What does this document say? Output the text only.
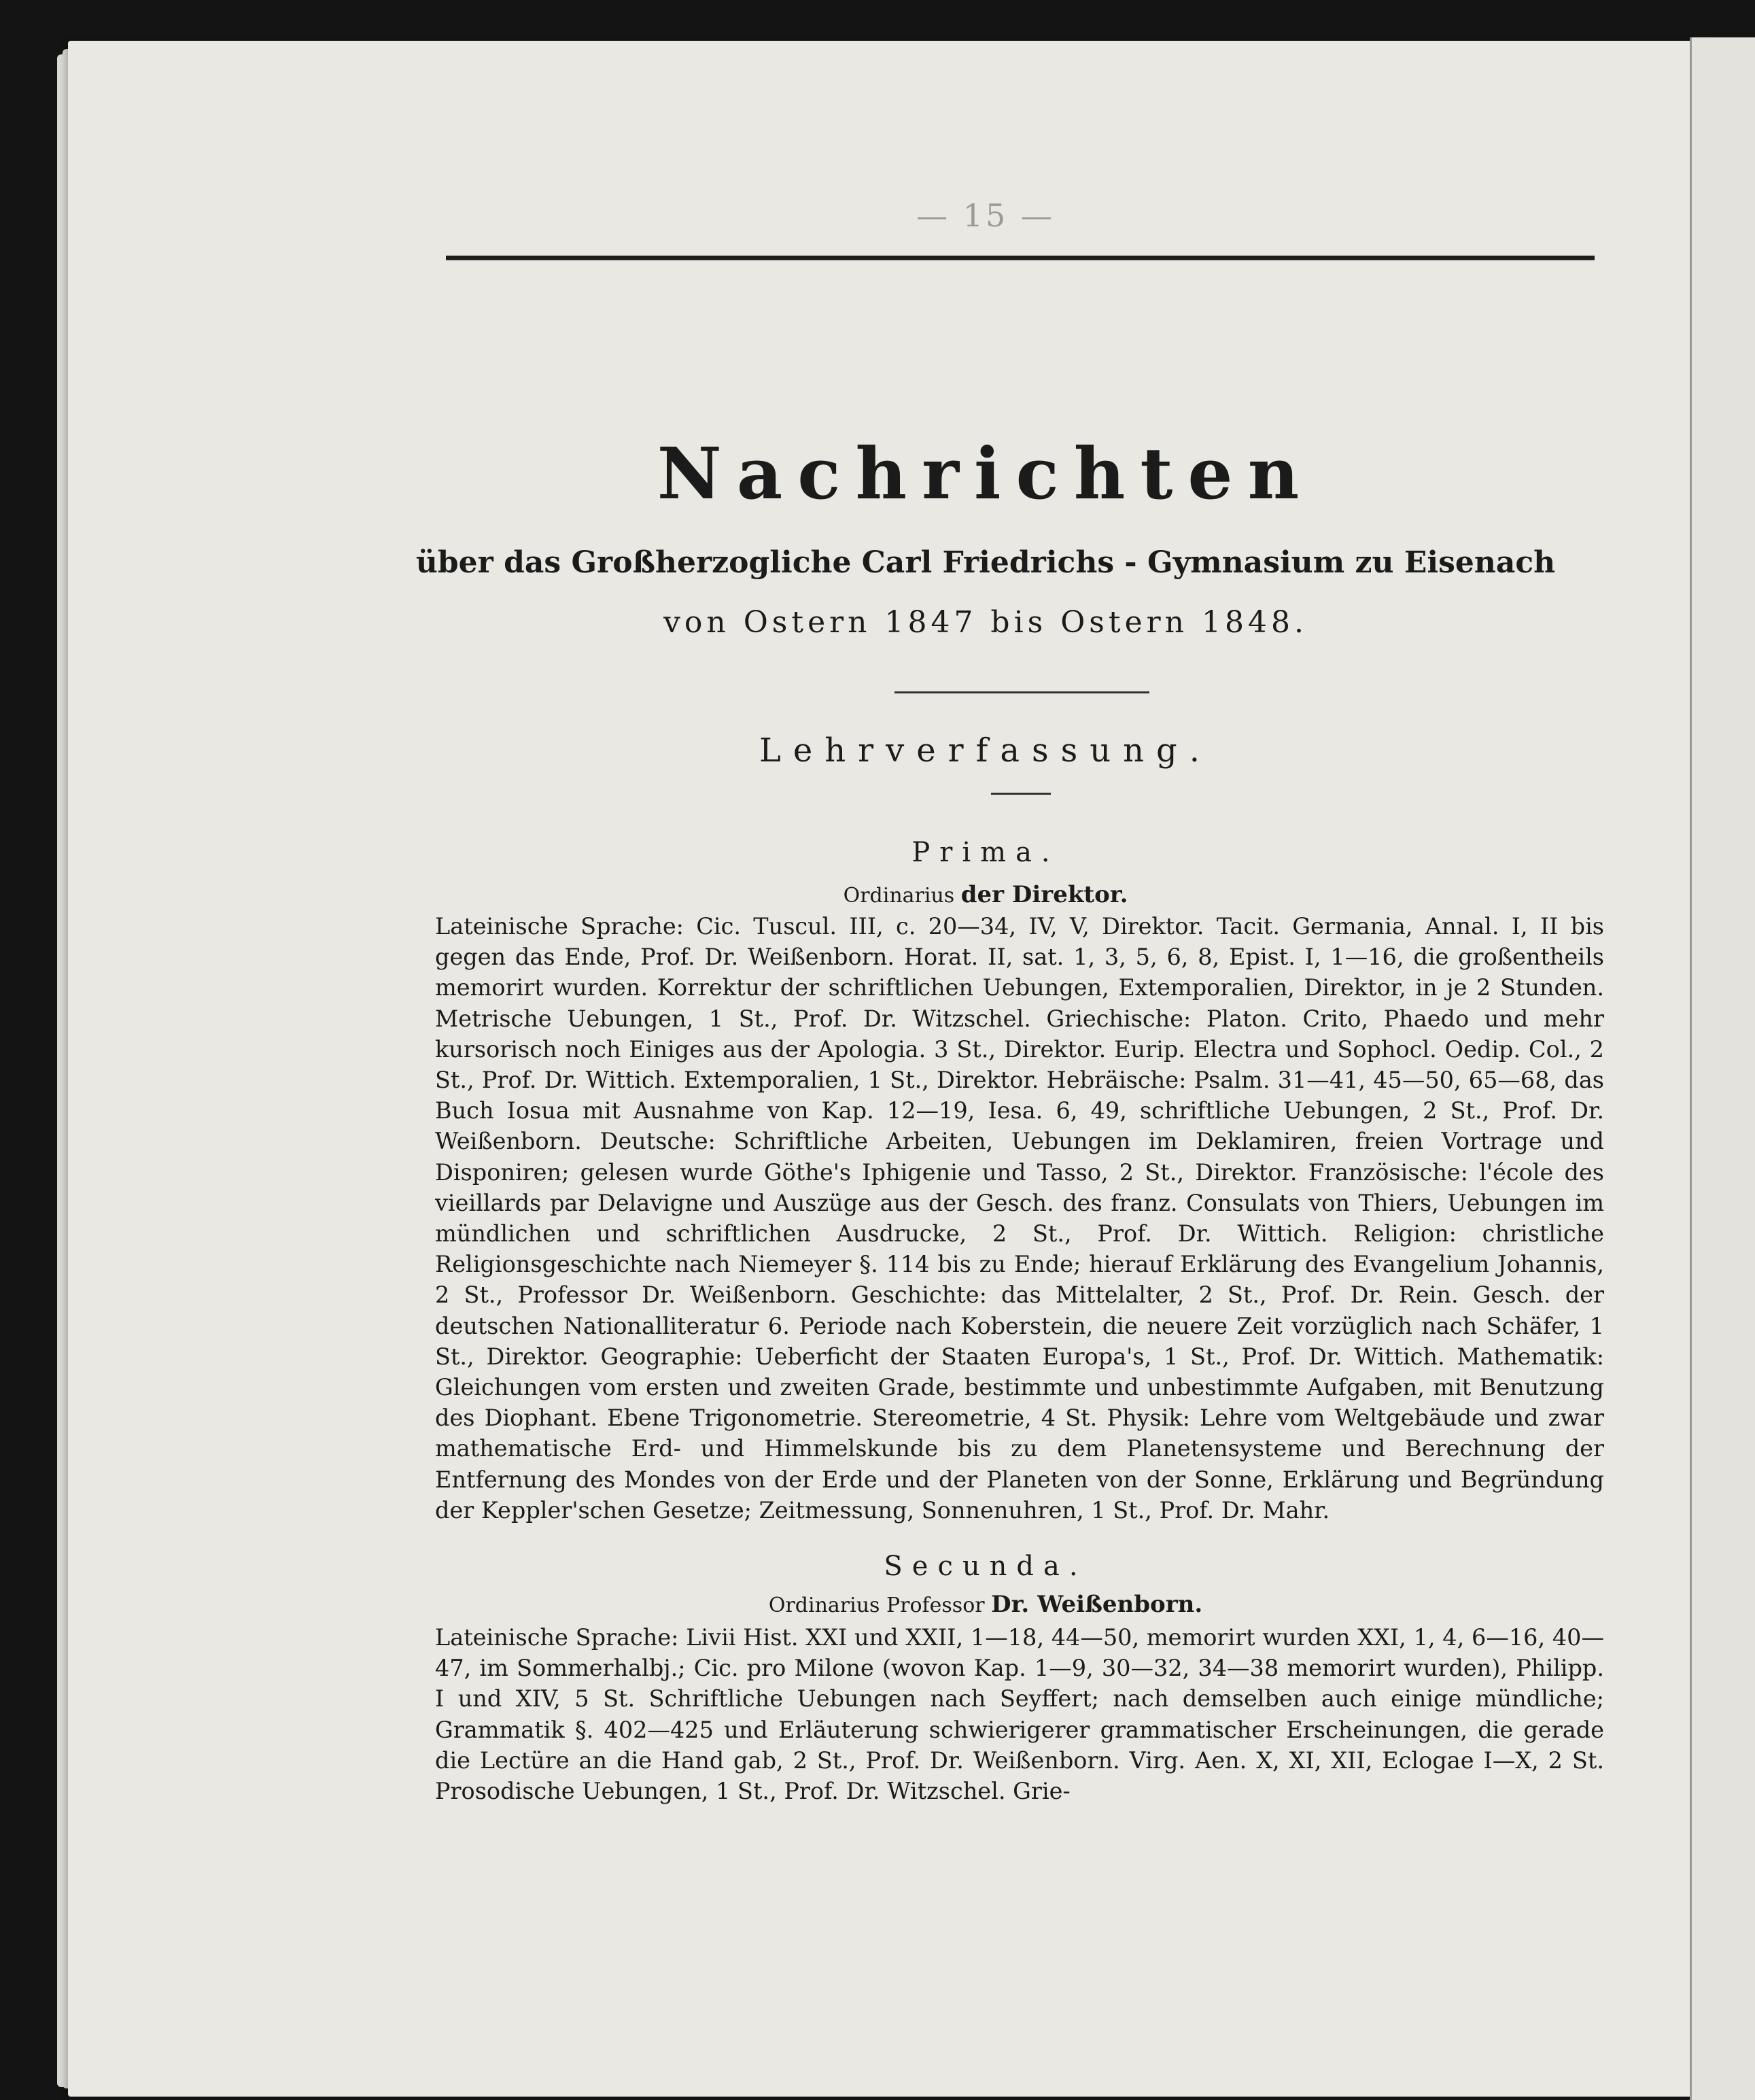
— 15 —
Nachrichten
über das Großherzogliche Carl Friedrichs - Gymnasium zu Eisenach
von Ostern 1847 bis Ostern 1848.
Lehrverfassung.
Prima.
Ordinarius der Direktor.
Lateinische Sprache: Cic. Tuscul. III, c. 20—34, IV, V, Direktor. Tacit. Germania, Annal. I, II bis gegen das Ende, Prof. Dr. Weißenborn. Horat. II, sat. 1, 3, 5, 6, 8, Epist. I, 1—16, die großentheils memorirt wurden. Korrektur der schriftlichen Uebungen, Extemporalien, Direktor, in je 2 Stunden. Metrische Uebungen, 1 St., Prof. Dr. Witzschel. Griechische: Platon. Crito, Phaedo und mehr kursorisch noch Einiges aus der Apologia. 3 St., Direktor. Eurip. Electra und Sophocl. Oedip. Col., 2 St., Prof. Dr. Wittich. Extemporalien, 1 St., Direktor. Hebräische: Psalm. 31—41, 45—50, 65—68, das Buch Iosua mit Ausnahme von Kap. 12—19, Iesa. 6, 49, schriftliche Uebungen, 2 St., Prof. Dr. Weißenborn. Deutsche: Schriftliche Arbeiten, Uebungen im Deklamiren, freien Vortrage und Disponiren; gelesen wurde Göthe's Iphigenie und Tasso, 2 St., Direktor. Französische: l'école des vieillards par Delavigne und Auszüge aus der Gesch. des franz. Consulats von Thiers, Uebungen im mündlichen und schriftlichen Ausdrucke, 2 St., Prof. Dr. Wittich. Religion: christliche Religionsgeschichte nach Niemeyer §. 114 bis zu Ende; hierauf Erklärung des Evangelium Johannis, 2 St., Professor Dr. Weißenborn. Geschichte: das Mittelalter, 2 St., Prof. Dr. Rein. Gesch. der deutschen Nationalliteratur 6. Periode nach Koberstein, die neuere Zeit vorzüglich nach Schäfer, 1 St., Direktor. Geographie: Ueberficht der Staaten Europa's, 1 St., Prof. Dr. Wittich. Mathematik: Gleichungen vom ersten und zweiten Grade, bestimmte und unbestimmte Aufgaben, mit Benutzung des Diophant. Ebene Trigonometrie. Stereometrie, 4 St. Physik: Lehre vom Weltgebäude und zwar mathematische Erd- und Himmelskunde bis zu dem Planetensysteme und Berechnung der Entfernung des Mondes von der Erde und der Planeten von der Sonne, Erklärung und Begründung der Keppler'schen Gesetze; Zeitmessung, Sonnenuhren, 1 St., Prof. Dr. Mahr.
Secunda.
Ordinarius Professor Dr. Weißenborn.
Lateinische Sprache: Livii Hist. XXI und XXII, 1—18, 44—50, memorirt wurden XXI, 1, 4, 6—16, 40—47, im Sommerhalbj.; Cic. pro Milone (wovon Kap. 1—9, 30—32, 34—38 memorirt wurden), Philipp. I und XIV, 5 St. Schriftliche Uebungen nach Seyffert; nach demselben auch einige mündliche; Grammatik §. 402—425 und Erläuterung schwierigerer grammatischer Erscheinungen, die gerade die Lectüre an die Hand gab, 2 St., Prof. Dr. Weißenborn. Virg. Aen. X, XI, XII, Eclogae I—X, 2 St. Prosodische Uebungen, 1 St., Prof. Dr. Witzschel. Grie-
